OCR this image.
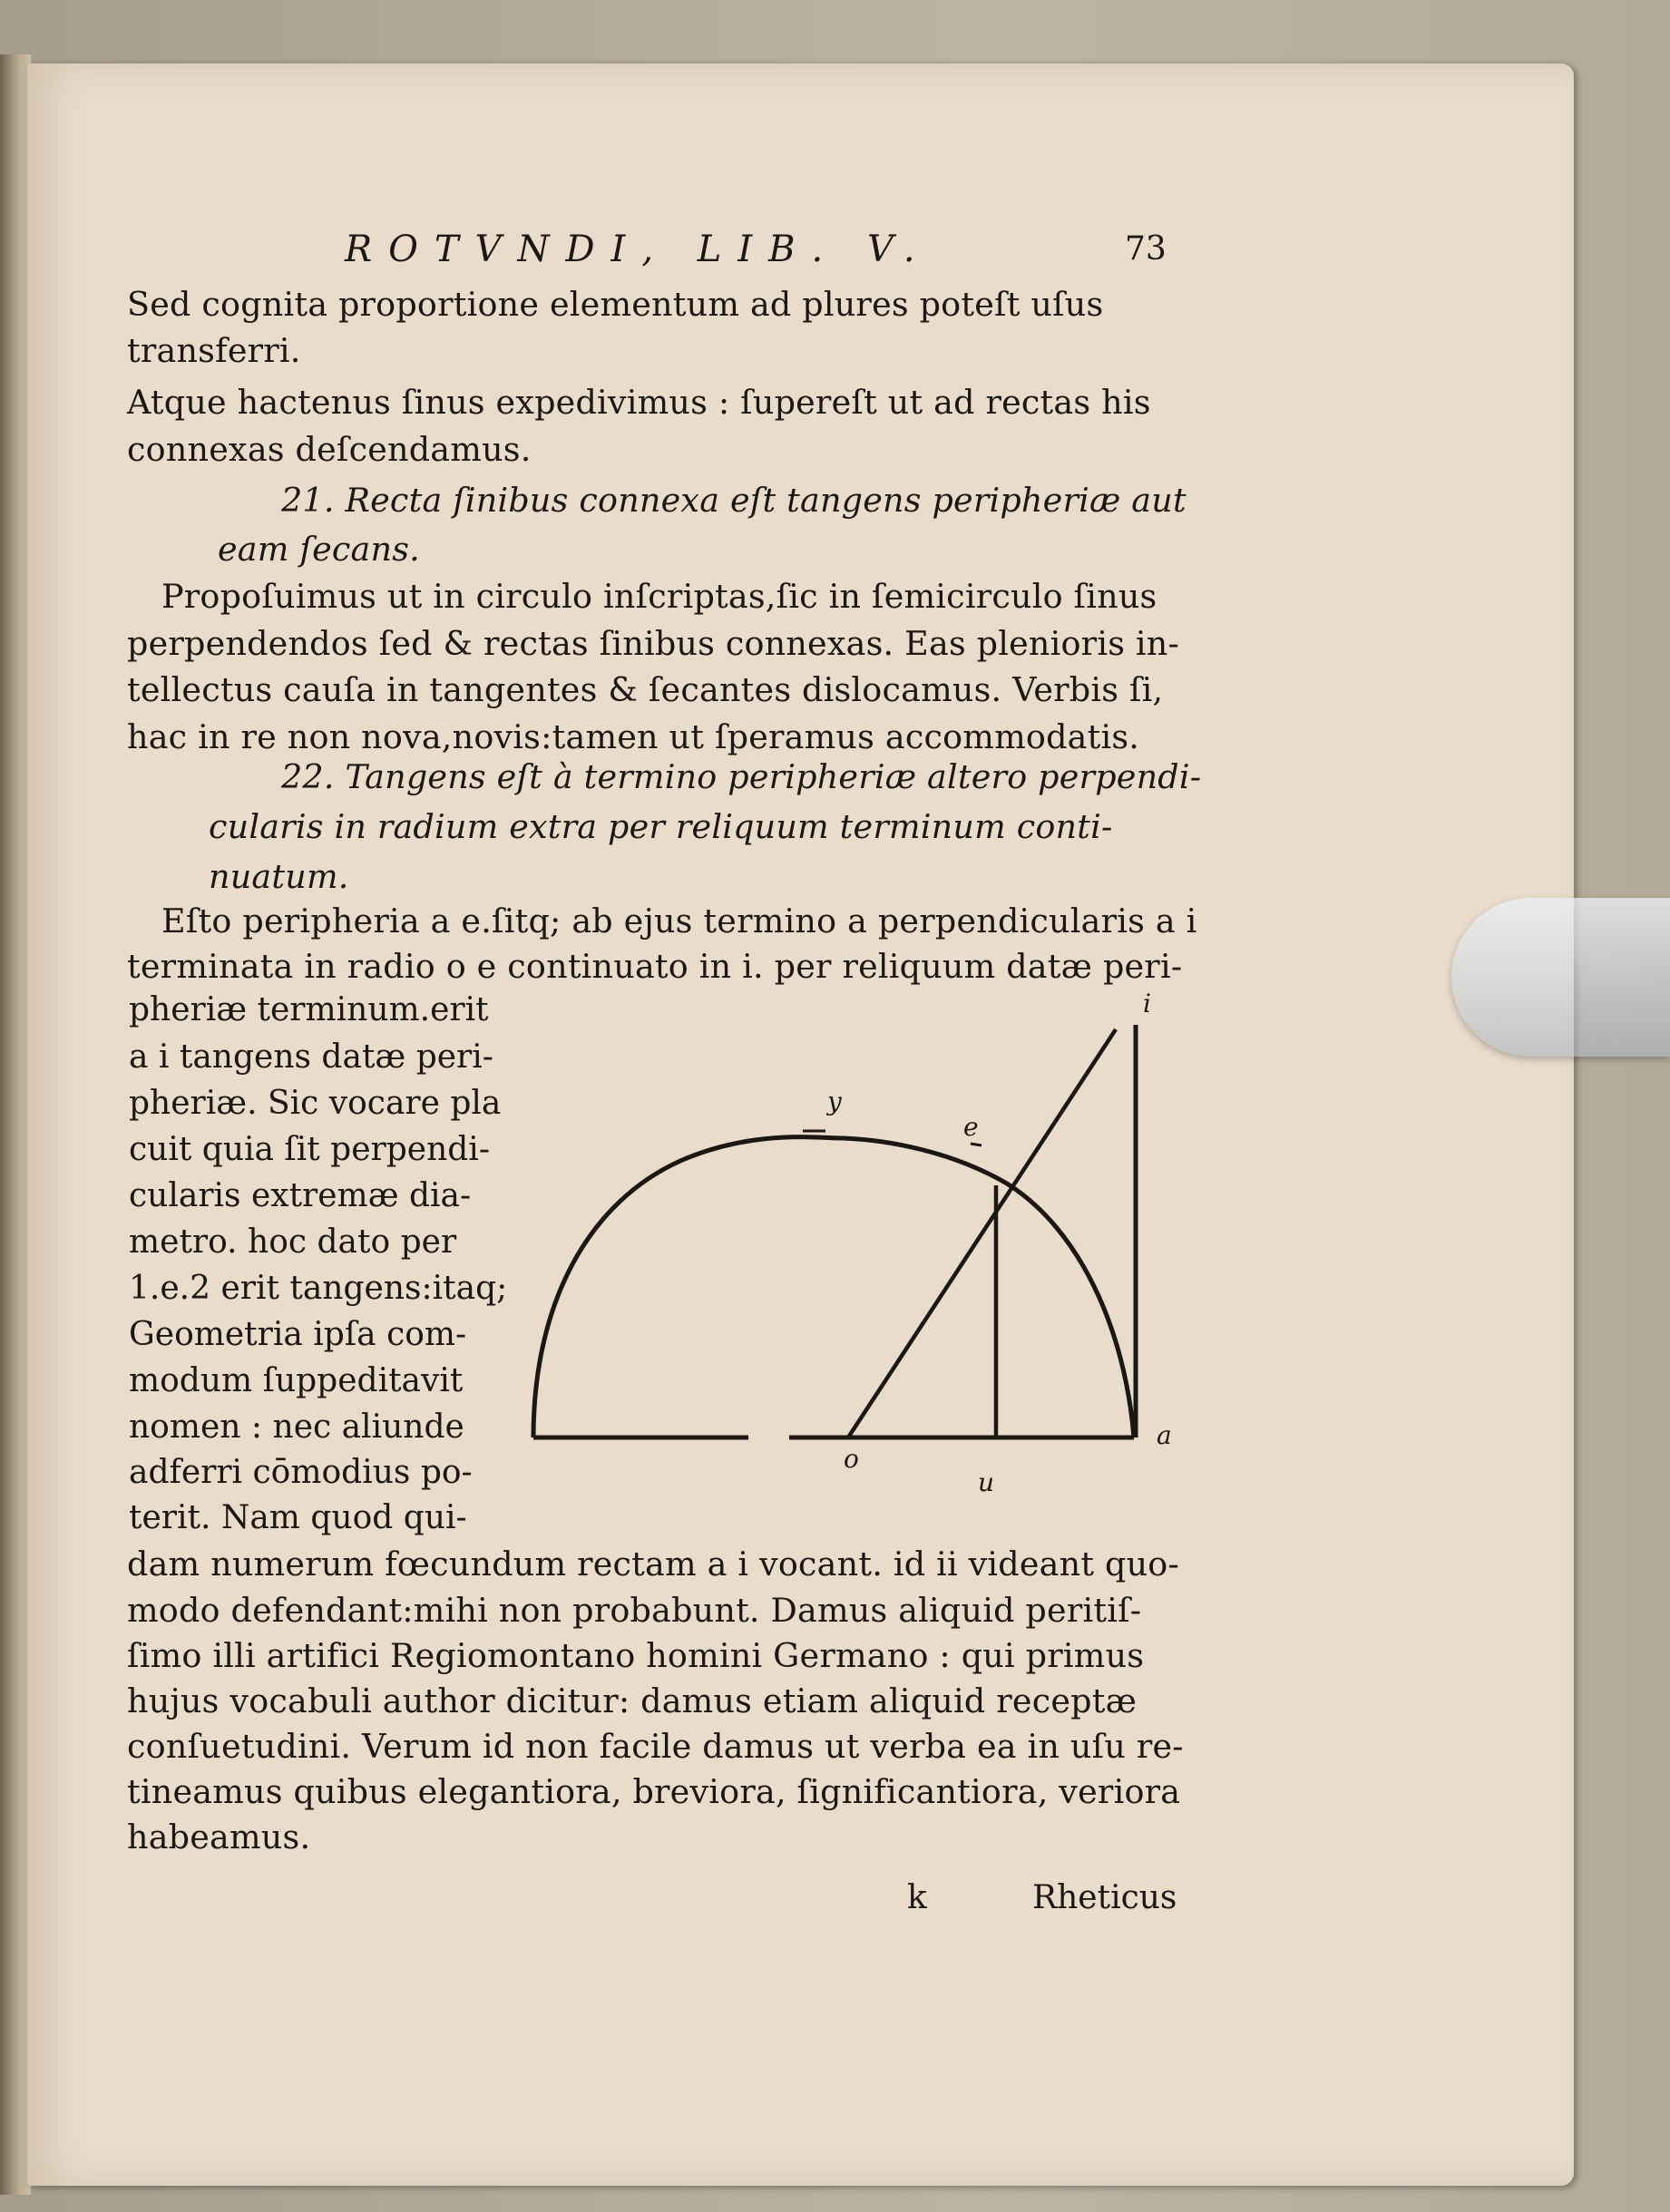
ROTVNDI, LIB. V.	73
Sed cognita proportione elementum ad plures poteſt uſus
transferri.
Atque hactenus ſinus expedivimus : ſupereſt ut ad rectas his
connexas deſcendamus.
21. Recta ſinibus connexa eſt tangens peripheriæ aut
eam ſecans.
Propoſuimus ut in circulo inſcriptas,ſic in ſemicirculo ſinus
perpendendos ſed & rectas ſinibus connexas. Eas plenioris in-
tellectus cauſa in tangentes & ſecantes dislocamus. Verbis ſi,
hac in re non nova,novis:tamen ut ſperamus accommodatis.
22. Tangens eſt à termino peripheriæ altero perpendi-
cularis in radium extra per reliquum terminum conti-
nuatum.
Eſto peripheria a e.ſitq; ab ejus termino a perpendicularis a i
terminata in radio o e continuato in i. per reliquum datæ peri-
pheriæ terminum.erit
a i tangens datæ peri-
pheriæ. Sic vocare pla
cuit quia ſit perpendi-
cularis extremæ dia-
metro. hoc dato per
1.e.2 erit tangens:itaq;
Geometria ipſa com-
modum ſuppeditavit
nomen : nec aliunde
adferri cōmodius po-
terit. Nam quod qui-
dam numerum fœcundum rectam a i vocant. id ii videant quo-
modo defendant:mihi non probabunt. Damus aliquid peritiſ-
ſimo illi artifici Regiomontano homini Germano : qui primus
hujus vocabuli author dicitur: damus etiam aliquid receptæ
conſuetudini. Verum id non facile damus ut verba ea in uſu re-
tineamus quibus elegantiora, breviora, ſignificantiora, veriora
habeamus.
k	Rheticus
i
y
e
o
u
a
